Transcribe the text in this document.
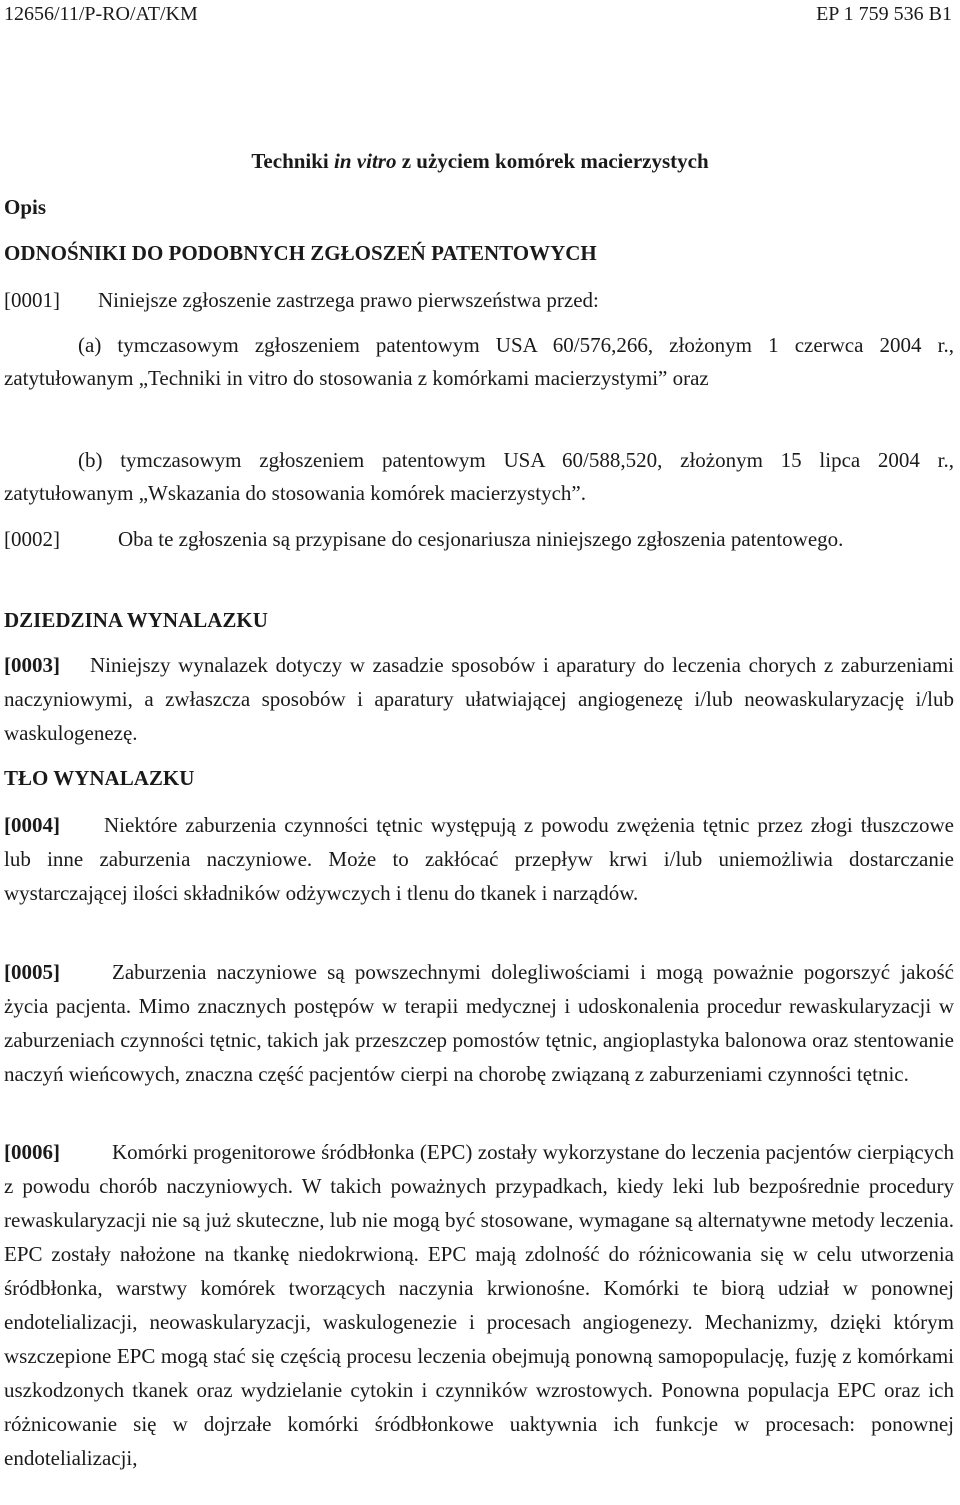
12656/11/P-RO/AT/KM	EP 1 759 536 B1
Techniki in vitro z użyciem komórek macierzystych
Opis
ODNOŚNIKI DO PODOBNYCH ZGŁOSZEŃ PATENTOWYCH

[0001] Niniejsze zgłoszenie zastrzega prawo pierwszeństwa przed:

(a) tymczasowym zgłoszeniem patentowym USA 60/576,266, złożonym 1 czerwca 2004 r., zatytułowanym „Techniki in vitro do stosowania z komórkami macierzystymi” oraz

(b) tymczasowym zgłoszeniem patentowym USA 60/588,520, złożonym 15 lipca 2004 r., zatytułowanym „Wskazania do stosowania komórek macierzystych”.

[0002]	Oba te zgłoszenia są przypisane do cesjonariusza niniejszego zgłoszenia patentowego.

DZIEDZINA WYNALAZKU

[0003] Niniejszy wynalazek dotyczy w zasadzie sposobów i aparatury do leczenia chorych z zaburzeniami naczyniowymi, a zwłaszcza sposobów i aparatury ułatwiającej angiogenezę i/lub neowaskularyzację i/lub waskulogenezę.

TŁO WYNALAZKU

[0004] Niektóre zaburzenia czynności tętnic występują z powodu zwężenia tętnic przez złogi tłuszczowe lub inne zaburzenia naczyniowe. Może to zakłócać przepływ krwi i/lub uniemożliwia dostarczanie wystarczającej ilości składników odżywczych i tlenu do tkanek i narządów.

[0005] Zaburzenia naczyniowe są powszechnymi dolegliwościami i mogą poważnie pogorszyć jakość życia pacjenta. Mimo znacznych postępów w terapii medycznej i udoskonalenia procedur rewaskularyzacji w zaburzeniach czynności tętnic, takich jak przeszczep pomostów tętnic, angioplastyka balonowa oraz stentowanie naczyń wieńcowych, znaczna część pacjentów cierpi na chorobę związaną z zaburzeniami czynności tętnic.

[0006] Komórki progenitorowe śródbłonka (EPC) zostały wykorzystane do leczenia pacjentów cierpiących z powodu chorób naczyniowych. W takich poważnych przypadkach, kiedy leki lub bezpośrednie procedury rewaskularyzacji nie są już skuteczne, lub nie mogą być stosowane, wymagane są alternatywne metody leczenia. EPC zostały nałożone na tkankę niedokrwioną. EPC mają zdolność do różnicowania się w celu utworzenia śródbłonka, warstwy komórek tworzących naczynia krwionośne. Komórki te biorą udział w ponownej endotelializacji, neowaskularyzacji, waskulogenezie i procesach angiogenezy. Mechanizmy, dzięki którym wszczepione EPC mogą stać się częścią procesu leczenia obejmują ponowną samopopulację, fuzję z komórkami uszkodzonych tkanek oraz wydzielanie cytokin i czynników wzrostowych. Ponowna populacja EPC oraz ich różnicowanie się w dojrzałe komórki śródbłonkowe uaktywnia ich funkcje w procesach: ponownej endotelializacji,
